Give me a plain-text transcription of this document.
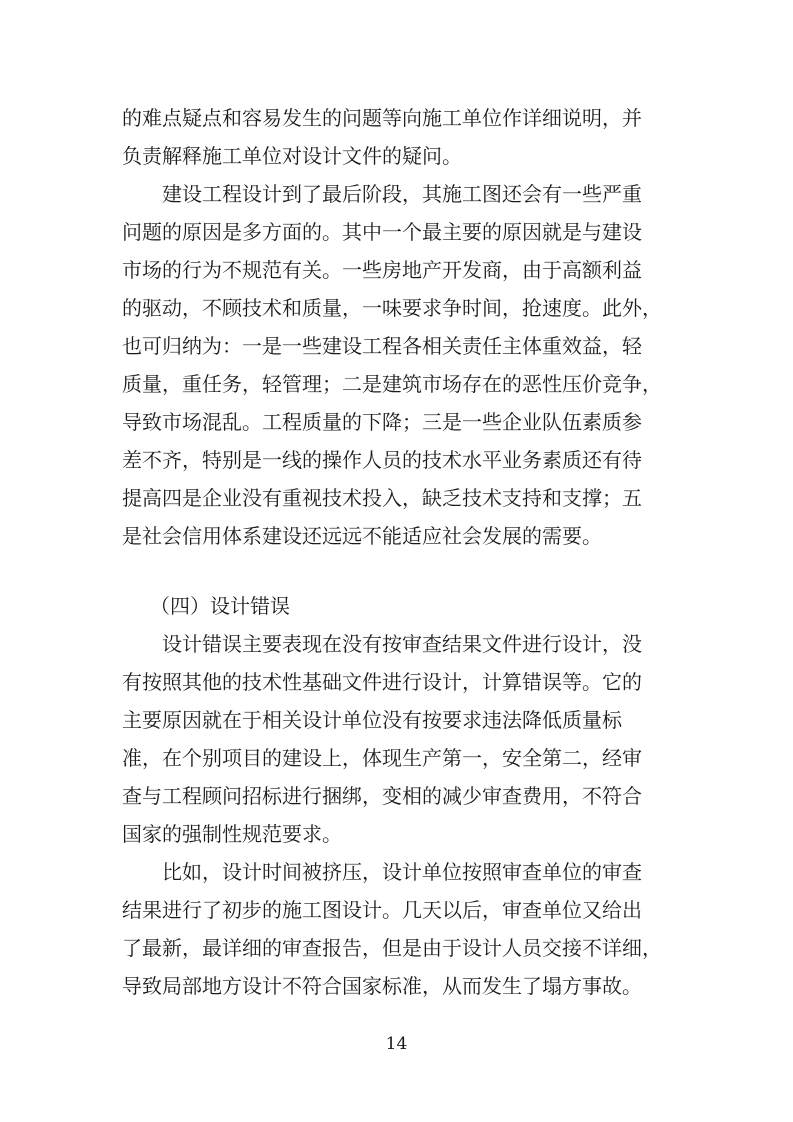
的难点疑点和容易发生的问题等向施工单位作详细说明，并
负责解释施工单位对设计文件的疑问。
建设工程设计到了最后阶段，其施工图还会有一些严重
问题的原因是多方面的。其中一个最主要的原因就是与建设
市场的行为不规范有关。一些房地产开发商，由于高额利益
的驱动，不顾技术和质量，一味要求争时间，抢速度。此外，
也可归纳为：一是一些建设工程各相关责任主体重效益，轻
质量，重任务，轻管理；二是建筑市场存在的恶性压价竞争，
导致市场混乱。工程质量的下降；三是一些企业队伍素质参
差不齐，特别是一线的操作人员的技术水平业务素质还有待
提高四是企业没有重视技术投入，缺乏技术支持和支撑；五
是社会信用体系建设还远远不能适应社会发展的需要。
（四）设计错误
设计错误主要表现在没有按审查结果文件进行设计，没
有按照其他的技术性基础文件进行设计，计算错误等。它的
主要原因就在于相关设计单位没有按要求违法降低质量标
准，在个别项目的建设上，体现生产第一，安全第二，经审
查与工程顾问招标进行捆绑，变相的减少审查费用，不符合
国家的强制性规范要求。
比如，设计时间被挤压，设计单位按照审查单位的审查
结果进行了初步的施工图设计。几天以后，审查单位又给出
了最新，最详细的审查报告，但是由于设计人员交接不详细，
导致局部地方设计不符合国家标准，从而发生了塌方事故。
14
